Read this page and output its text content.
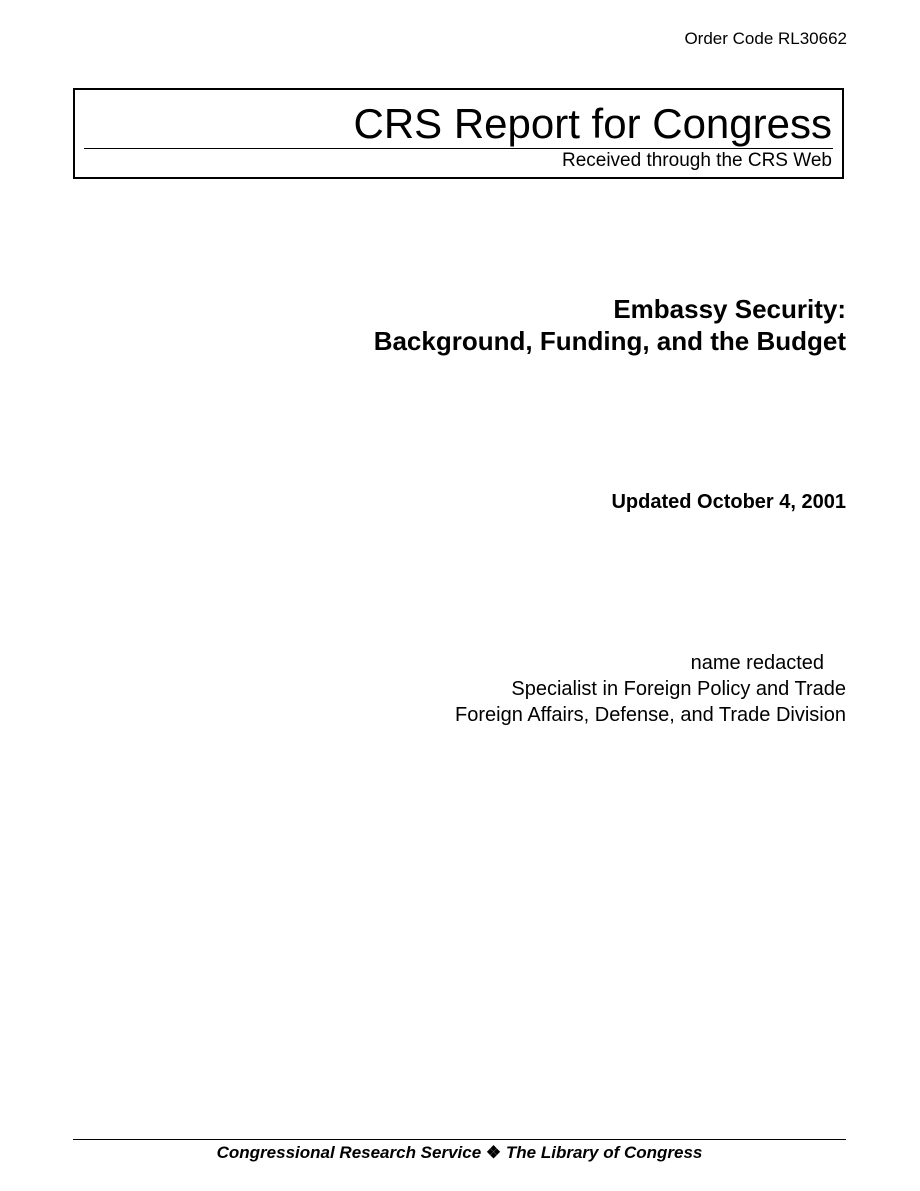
Order Code RL30662
CRS Report for Congress
Received through the CRS Web
Embassy Security:
Background, Funding, and the Budget
Updated October 4, 2001
name redacted
Specialist in Foreign Policy and Trade
Foreign Affairs, Defense, and Trade Division
Congressional Research Service ❖ The Library of Congress
